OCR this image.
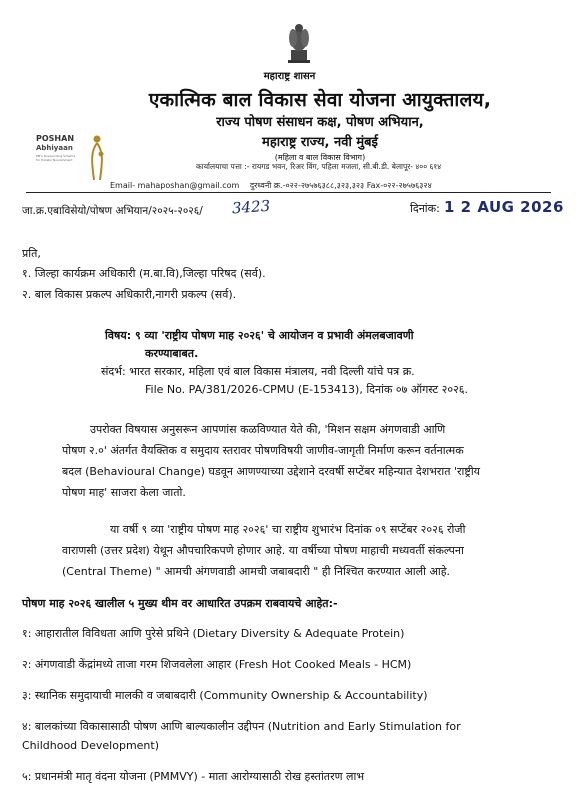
महाराष्ट्र शासन
एकात्मिक बाल विकास सेवा योजना आयुक्तालय,
राज्य पोषण संसाधन कक्ष, पोषण अभियान,
महाराष्ट्र राज्य, नवी मुंबई
(महिला व बाल विकास विभाग)
POSHAN
Abhiyaan
PM's Overarching Scheme for Holistic Nourishment
कार्यालयाचा पत्ता :- रायगड भवन, रिअर विंग, पहिला मजला, सी.बी.डी. बेलापूर- ४०० ६१४
Email- mahaposhan@gmail.com दुरध्वनी क्र.-०२२-२७५७६३८८,३२३,३२३ Fax-०२२-२७५७६३२४
जा.क्र.एबाविसेयो/पोषण अभियान/२०२५-२०२६/ 3423	दिनांक: 1 2 AUG 2026
प्रति,
१. जिल्हा कार्यक्रम अधिकारी (म.बा.वि),जिल्हा परिषद (सर्व).
२. बाल विकास प्रकल्प अधिकारी,नागरी प्रकल्प (सर्व).
विषय: ९ व्या 'राष्ट्रीय पोषण माह २०२६' चे आयोजन व प्रभावी अंमलबजावणी
करण्याबाबत.
संदर्भ: भारत सरकार, महिला एवं बाल विकास मंत्रालय, नवी दिल्ली यांचे पत्र क्र.
File No. PA/381/2026-CPMU (E-153413), दिनांक ०७ ऑगस्ट २०२६.
उपरोक्त विषयास अनुसरून आपणांस कळविण्यात येते की, 'मिशन सक्षम अंगणवाडी आणि
पोषण २.०' अंतर्गत वैयक्तिक व समुदाय स्तरावर पोषणविषयी जाणीव-जागृती निर्माण करून वर्तनात्मक
बदल (Behavioural Change) घडवून आणण्याच्या उद्देशाने दरवर्षी सप्टेंबर महिन्यात देशभरात 'राष्ट्रीय
पोषण माह' साजरा केला जातो.
या वर्षी ९ व्या 'राष्ट्रीय पोषण माह २०२६' चा राष्ट्रीय शुभारंभ दिनांक ०९ सप्टेंबर २०२६ रोजी
वाराणसी (उत्तर प्रदेश) येथून औपचारिकपणे होणार आहे. या वर्षीच्या पोषण माहाची मध्यवर्ती संकल्पना
(Central Theme) " आमची अंगणवाडी आमची जबाबदारी " ही निश्चित करण्यात आली आहे.
पोषण माह २०२६ खालील ५ मुख्य थीम वर आधारित उपक्रम राबवायचे आहेत:-
१: आहारातील विविधता आणि पुरेसे प्रथिने (Dietary Diversity & Adequate Protein)
२: अंगणवाडी केंद्रांमध्ये ताजा गरम शिजवलेला आहार (Fresh Hot Cooked Meals - HCM)
३: स्थानिक समुदायाची मालकी व जबाबदारी (Community Ownership & Accountability)
४: बालकांच्या विकासासाठी पोषण आणि बाल्यकालीन उद्दीपन (Nutrition and Early Stimulation for
Childhood Development)
५: प्रधानमंत्री मातृ वंदना योजना (PMMVY) - माता आरोग्यासाठी रोख हस्तांतरण लाभ
